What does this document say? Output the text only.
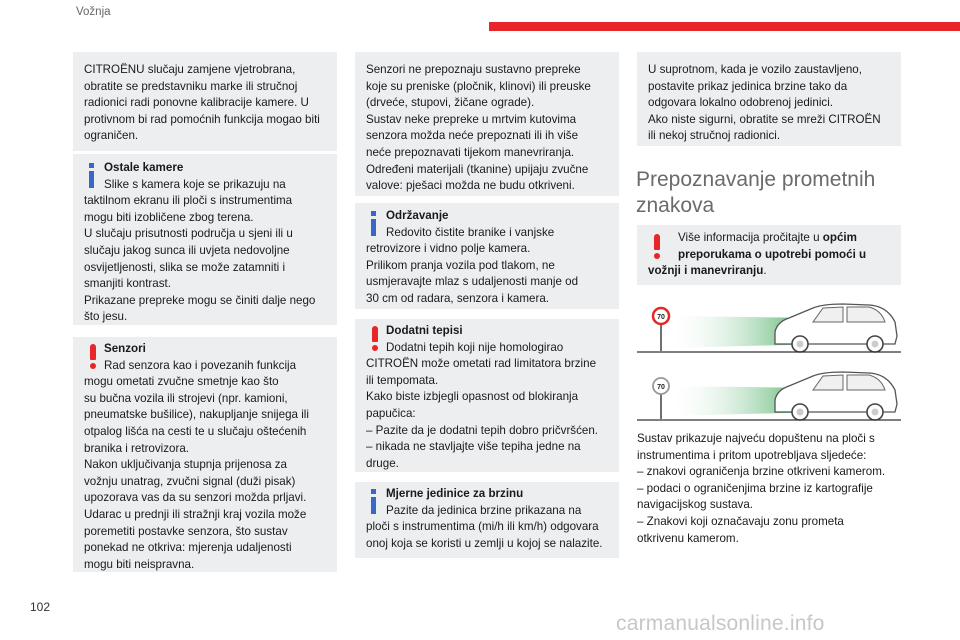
Vožnja
CITROËNU slučaju zamjene vjetrobrana,
obratite se predstavniku marke ili stručnoj
radionici radi ponovne kalibracije kamere. U
protivnom bi rad pomoćnih funkcija mogao biti
ograničen.
Ostale kamere
Slike s kamera koje se prikazuju na
taktilnom ekranu ili ploči s instrumentima
mogu biti izobličene zbog terena.
U slučaju prisutnosti područja u sjeni ili u
slučaju jakog sunca ili uvjeta nedovoljne
osvijetljenosti, slika se može zatamniti i
smanjiti kontrast.
Prikazane prepreke mogu se činiti dalje nego
što jesu.
Senzori
Rad senzora kao i povezanih funkcija
mogu ometati zvučne smetnje kao što
su bučna vozila ili strojevi (npr. kamioni,
pneumatske bušilice), nakupljanje snijega ili
otpalog lišća na cesti te u slučaju oštećenih
branika i retrovizora.
Nakon uključivanja stupnja prijenosa za
vožnju unatrag, zvučni signal (duži pisak)
upozorava vas da su senzori možda prljavi.
Udarac u prednji ili stražnji kraj vozila može
poremetiti postavke senzora, što sustav
ponekad ne otkriva: mjerenja udaljenosti
mogu biti neispravna.
Senzori ne prepoznaju sustavno prepreke
koje su preniske (pločnik, klinovi) ili preuske
(drveće, stupovi, žičane ograde).
Sustav neke prepreke u mrtvim kutovima
senzora možda neće prepoznati ili ih više
neće prepoznavati tijekom manevriranja.
Određeni materijali (tkanine) upijaju zvučne
valove: pješaci možda ne budu otkriveni.
Održavanje
Redovito čistite branike i vanjske
retrovizore i vidno polje kamera.
Prilikom pranja vozila pod tlakom, ne
usmjeravajte mlaz s udaljenosti manje od
30 cm od radara, senzora i kamera.
Dodatni tepisi
Dodatni tepih koji nije homologirao
CITROËN može ometati rad limitatora brzine
ili tempomata.
Kako biste izbjegli opasnost od blokiranja
papučica:
– Pazite da je dodatni tepih dobro pričvršćen.
– nikada ne stavljajte više tepiha jedne na
druge.
Mjerne jedinice za brzinu
Pazite da jedinica brzine prikazana na
ploči s instrumentima (mi/h ili km/h) odgovara
onoj koja se koristi u zemlji u kojoj se nalazite.
U suprotnom, kada je vozilo zaustavljeno,
postavite prikaz jedinica brzine tako da
odgovara lokalno odobrenoj jedinici.
Ako niste sigurni, obratite se mreži CITROËN
ili nekoj stručnoj radionici.
Prepoznavanje prometnih
znakova
Više informacija pročitajte u općim
preporukama o upotrebi pomoći u
vožnji i manevriranju.
70
70
Sustav prikazuje najveću dopuštenu na ploči s
instrumentima i pritom upotrebljava sljedeće:
– znakovi ograničenja brzine otkriveni kamerom.
– podaci o ograničenjima brzine iz kartografije
navigacijskog sustava.
– Znakovi koji označavaju zonu prometa
otkrivenu kamerom.
102
carmanualsonline.info
